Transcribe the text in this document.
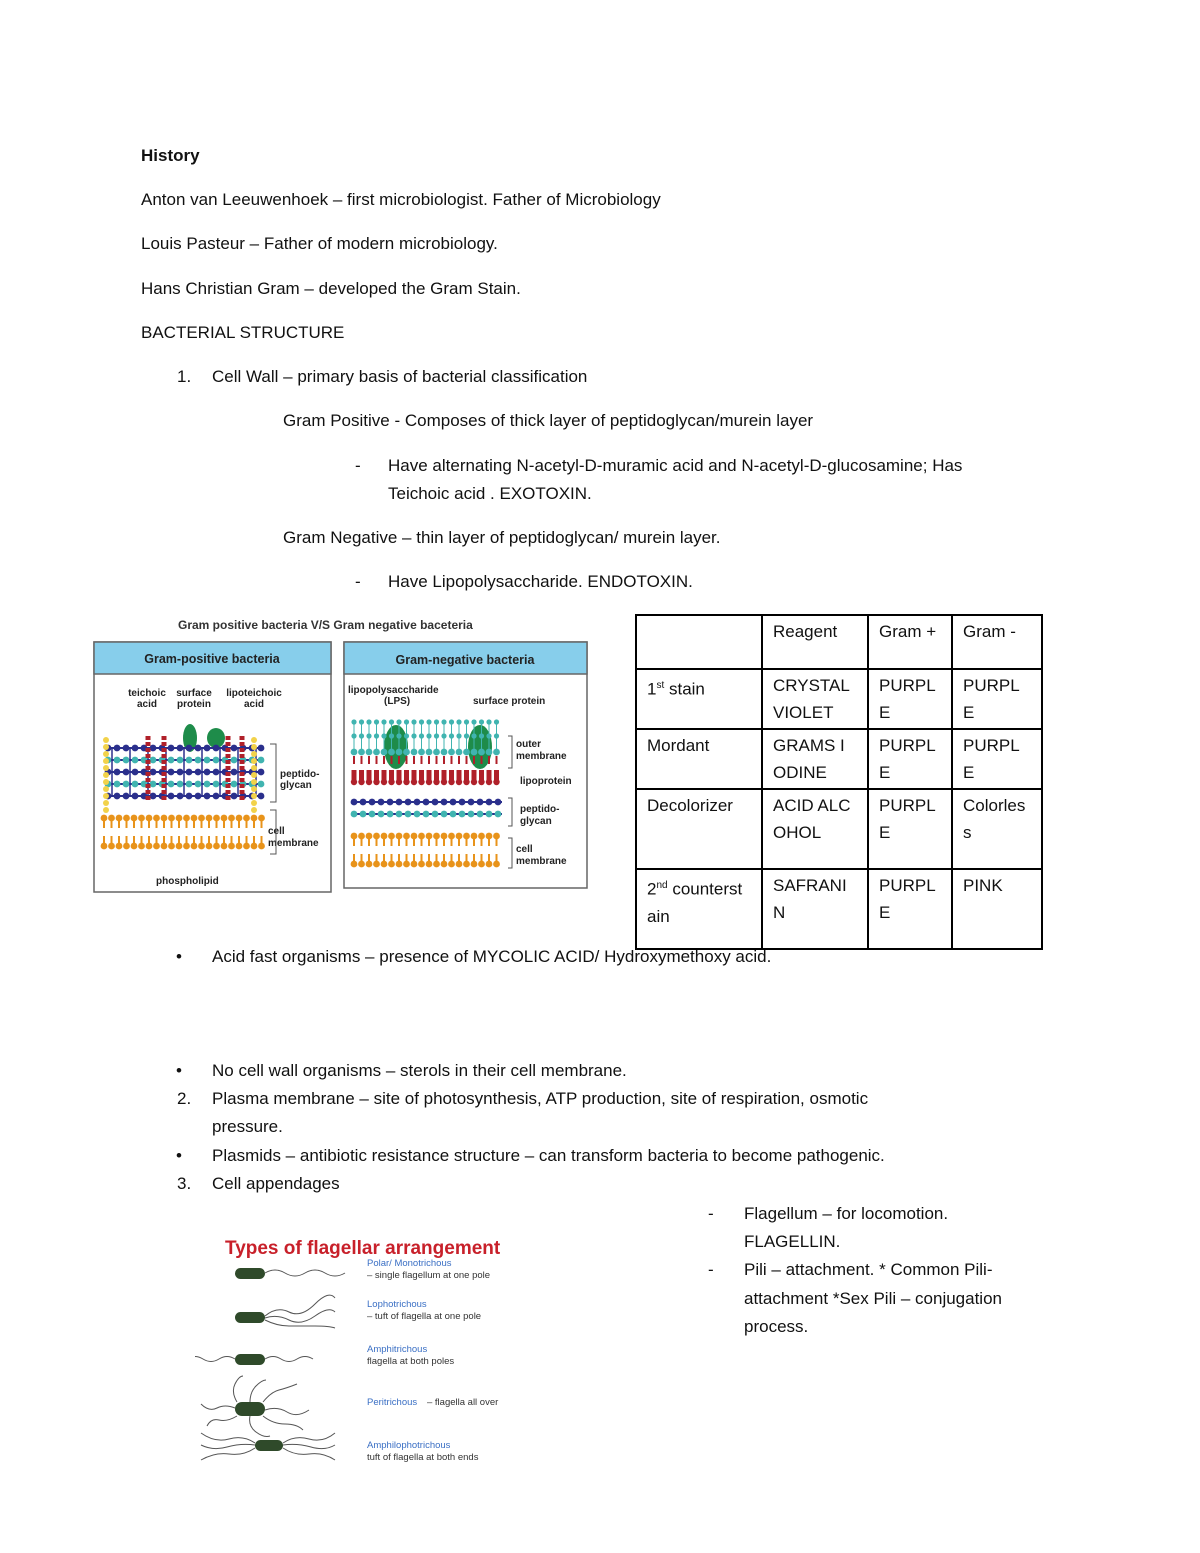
History
Anton van Leeuwenhoek – first microbiologist. Father of Microbiology
Louis Pasteur – Father of modern microbiology.
Hans Christian Gram – developed the Gram Stain.
BACTERIAL STRUCTURE
1. Cell Wall – primary basis of bacterial classification
Gram Positive - Composes of thick layer of peptidoglycan/murein layer
- Have alternating N-acetyl-D-muramic acid and N-acetyl-D-glucosamine; Has
Teichoic acid . EXOTOXIN.
Gram Negative – thin layer of peptidoglycan/ murein layer.
- Have Lipopolysaccharide. ENDOTOXIN.
Gram positive bacteria V/S Gram negative baceteria
Gram-positive bacteria
teichoic
acid
surface
protein
lipoteichoic
acid
peptido-
glycan
cell
membrane
phospholipid
Gram-negative bacteria
lipopolysaccharide
(LPS)	surface protein
outer
membrane
lipoprotein
peptido-
glycan
cell
membrane
	Reagent	Gram +	Gram -
1st stain	CRYSTAL VIOLET	PURPLE	PURPLE
Mordant	GRAMS IODINE	PURPLE	PURPLE
Decolorizer	ACID ALCOHOL	PURPLE	Colorless
2nd counterstain	SAFRANIN	PURPLE	PINK
• Acid fast organisms – presence of MYCOLIC ACID/ Hydroxymethoxy acid.
• No cell wall organisms – sterols in their cell membrane.
2. Plasma membrane – site of photosynthesis, ATP production, site of respiration, osmotic
pressure.
• Plasmids – antibiotic resistance structure – can transform bacteria to become pathogenic.
3. Cell appendages
- Flagellum – for locomotion.
FLAGELLIN.
- Pili – attachment. * Common Pili-
attachment *Sex Pili – conjugation
process.
Types of flagellar arrangement
Polar/ Monotrichous
– single flagellum at one pole
Lophotrichous
– tuft of flagella at one pole
Amphitrichous
flagella at both poles
Peritrichous – flagella all over
Amphilophotrichous
tuft of flagella at both ends
